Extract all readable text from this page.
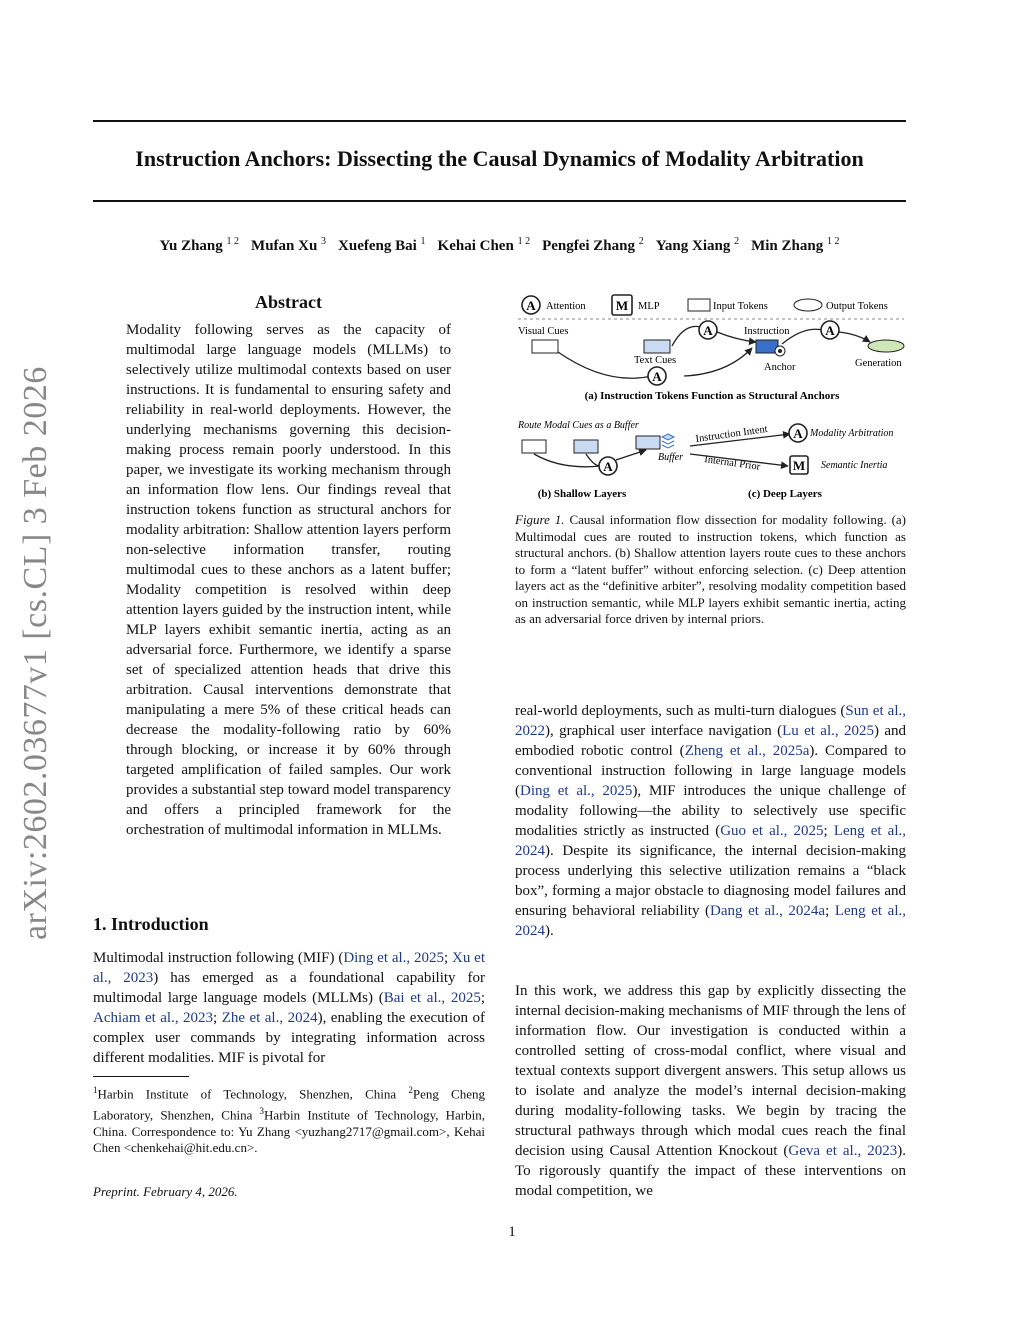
Instruction Anchors: Dissecting the Causal Dynamics of Modality Arbitration
Yu Zhang $^{1 2}$ Mufan Xu $^3$ Xuefeng Bai $^1$ Kehai Chen $^{1 2}$ Pengfei Zhang $^2$ Yang Xiang $^2$ Min Zhang $^{1 2}$
arXiv:2602.03677v1 [cs.CL] 3 Feb 2026
Abstract

Modality following serves as the capacity of multimodal large language models (MLLMs) to selectively utilize multimodal contexts based on user instructions. It is fundamental to ensuring safety and reliability in real-world deployments. However, the underlying mechanisms governing this decision-making process remain poorly understood. In this paper, we investigate its working mechanism through an information flow lens. Our findings reveal that instruction tokens function as structural anchors for modality arbitration: Shallow attention layers perform non-selective information transfer, routing multimodal cues to these anchors as a latent buffer; Modality competition is resolved within deep attention layers guided by the instruction intent, while MLP layers exhibit semantic inertia, acting as an adversarial force. Furthermore, we identify a sparse set of specialized attention heads that drive this arbitration. Causal interventions demonstrate that manipulating a mere 5% of these critical heads can decrease the modality-following ratio by 60% through blocking, or increase it by 60% through targeted amplification of failed samples. Our work provides a substantial step toward model transparency and offers a principled framework for the orchestration of multimodal information in MLLMs.

1. Introduction

Multimodal instruction following (MIF) (Ding et al., 2025; Xu et al., 2023) has emerged as a foundational capability for multimodal large language models (MLLMs) (Bai et al., 2025; Achiam et al., 2023; Zhe et al., 2024), enabling the execution of complex user commands by integrating information across different modalities. MIF is pivotal for

$^1$Harbin Institute of Technology, Shenzhen, China $^2$Peng Cheng Laboratory, Shenzhen, China $^3$Harbin Institute of Technology, Harbin, China. Correspondence to: Yu Zhang <yuzhang2717@gmail.com>, Kehai Chen <chenkehai@hit.edu.cn>.

Preprint. February 4, 2026.
A Attention M MLP	Input Tokens	Output Tokens
Visual Cues
Text Cues
A
A	Instruction
Anchor
A
Generation
(a) Instruction Tokens Function as Structural Anchors
Route Modal Cues as a Buffer
A
Buffer
(b) Shallow Layers
Instruction Intent A Modality Arbitration
Internal Prior M Semantic Inertia
(c) Deep Layers

Figure 1. Causal information flow dissection for modality following. (a) Multimodal cues are routed to instruction tokens, which function as structural anchors. (b) Shallow attention layers route cues to these anchors to form a “latent buffer” without enforcing selection. (c) Deep attention layers act as the “definitive arbiter”, resolving modality competition based on instruction semantic, while MLP layers exhibit semantic inertia, acting as an adversarial force driven by internal priors.

real-world deployments, such as multi-turn dialogues (Sun et al., 2022), graphical user interface navigation (Lu et al., 2025) and embodied robotic control (Zheng et al., 2025a). Compared to conventional instruction following in large language models (Ding et al., 2025), MIF introduces the unique challenge of modality following—the ability to selectively use specific modalities strictly as instructed (Guo et al., 2025; Leng et al., 2024). Despite its significance, the internal decision-making process underlying this selective utilization remains a “black box”, forming a major obstacle to diagnosing model failures and ensuring behavioral reliability (Dang et al., 2024a; Leng et al., 2024).

In this work, we address this gap by explicitly dissecting the internal decision-making mechanisms of MIF through the lens of information flow. Our investigation is conducted within a controlled setting of cross-modal conflict, where visual and textual contexts support divergent answers. This setup allows us to isolate and analyze the model’s internal decision-making during modality-following tasks. We begin by tracing the structural pathways through which modal cues reach the final decision using Causal Attention Knockout (Geva et al., 2023). To rigorously quantify the impact of these interventions on modal competition, we

1
